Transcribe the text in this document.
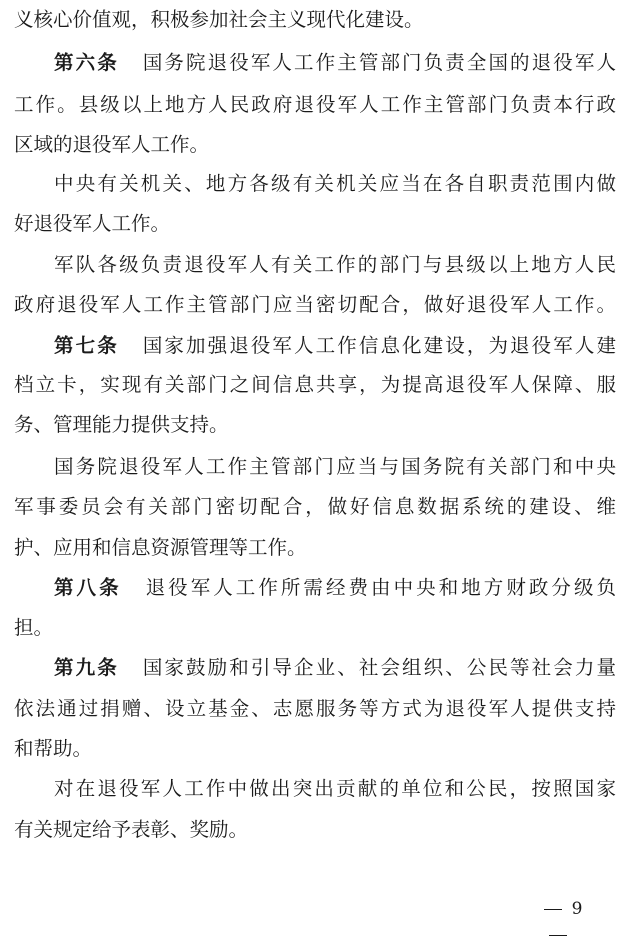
义核心价值观，积极参加社会主义现代化建设。
第六条 国务院退役军人工作主管部门负责全国的退役军人
工作。县级以上地方人民政府退役军人工作主管部门负责本行政
区域的退役军人工作。
中央有关机关、地方各级有关机关应当在各自职责范围内做
好退役军人工作。
军队各级负责退役军人有关工作的部门与县级以上地方人民
政府退役军人工作主管部门应当密切配合，做好退役军人工作。
第七条 国家加强退役军人工作信息化建设，为退役军人建
档立卡，实现有关部门之间信息共享，为提高退役军人保障、服
务、管理能力提供支持。
国务院退役军人工作主管部门应当与国务院有关部门和中央
军事委员会有关部门密切配合，做好信息数据系统的建设、维
护、应用和信息资源管理等工作。
第八条 退役军人工作所需经费由中央和地方财政分级负
担。
第九条 国家鼓励和引导企业、社会组织、公民等社会力量
依法通过捐赠、设立基金、志愿服务等方式为退役军人提供支持
和帮助。
对在退役军人工作中做出突出贡献的单位和公民，按照国家
有关规定给予表彰、奖励。
9
